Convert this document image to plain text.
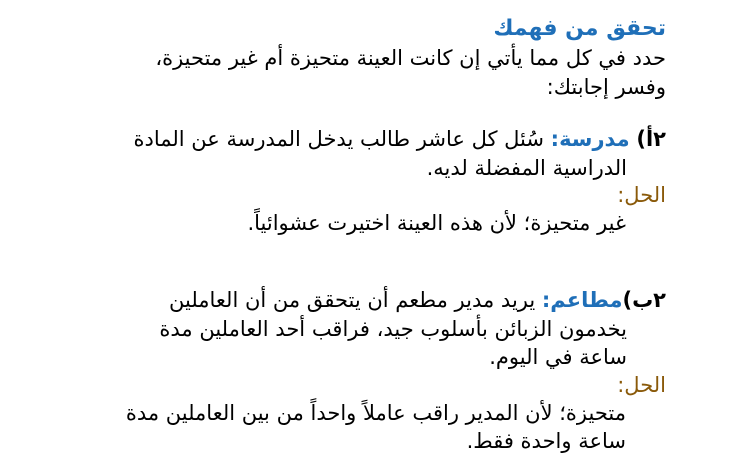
تحقق من فهمك
حدد في كل مما يأتي إن كانت العينة متحيزة أم غير متحيزة،
وفسر إجابتك:
٢أ) مدرسة: سُئل كل عاشر طالب يدخل المدرسة عن المادة
الدراسية المفضلة لديه.
الحل:
غير متحيزة؛ لأن هذه العينة اختيرت عشوائياً.
٢ب)مطاعم: يريد مدير مطعم أن يتحقق من أن العاملين
يخدمون الزبائن بأسلوب جيد، فراقب أحد العاملين مدة
ساعة في اليوم.
الحل:
متحيزة؛ لأن المدير راقب عاملاً واحداً من بين العاملين مدة
ساعة واحدة فقط.
